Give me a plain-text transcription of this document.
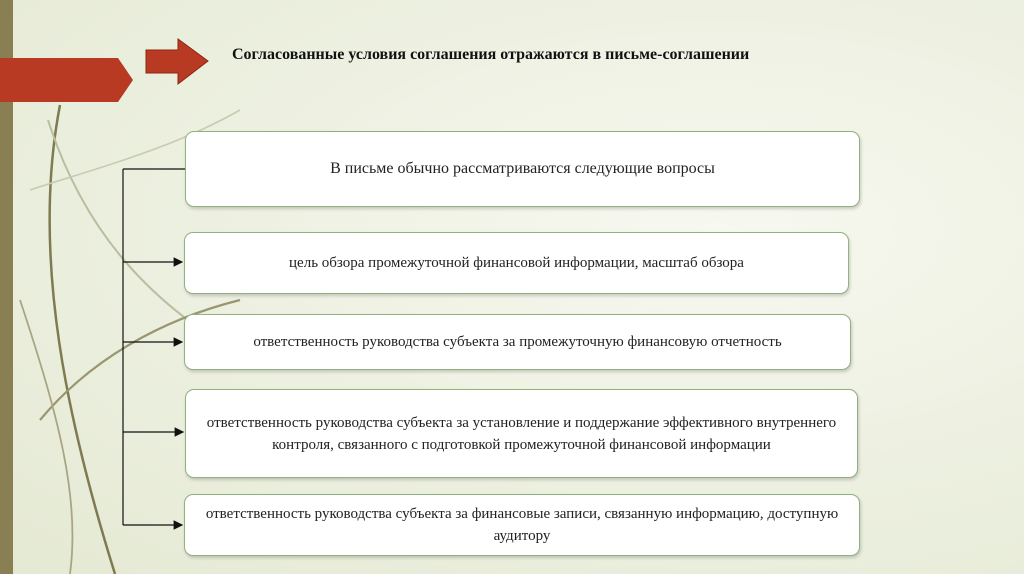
Согласованные условия соглашения отражаются в письме-соглашении
В письме обычно рассматриваются следующие вопросы
цель обзора промежуточной финансовой информации, масштаб обзора
ответственность руководства субъекта за промежуточную финансовую отчетность
ответственность руководства субъекта за установление и поддержание эффективного внутреннего контроля, связанного с подготовкой промежуточной финансовой информации
ответственность руководства субъекта за финансовые записи, связанную информацию, доступную аудитору
